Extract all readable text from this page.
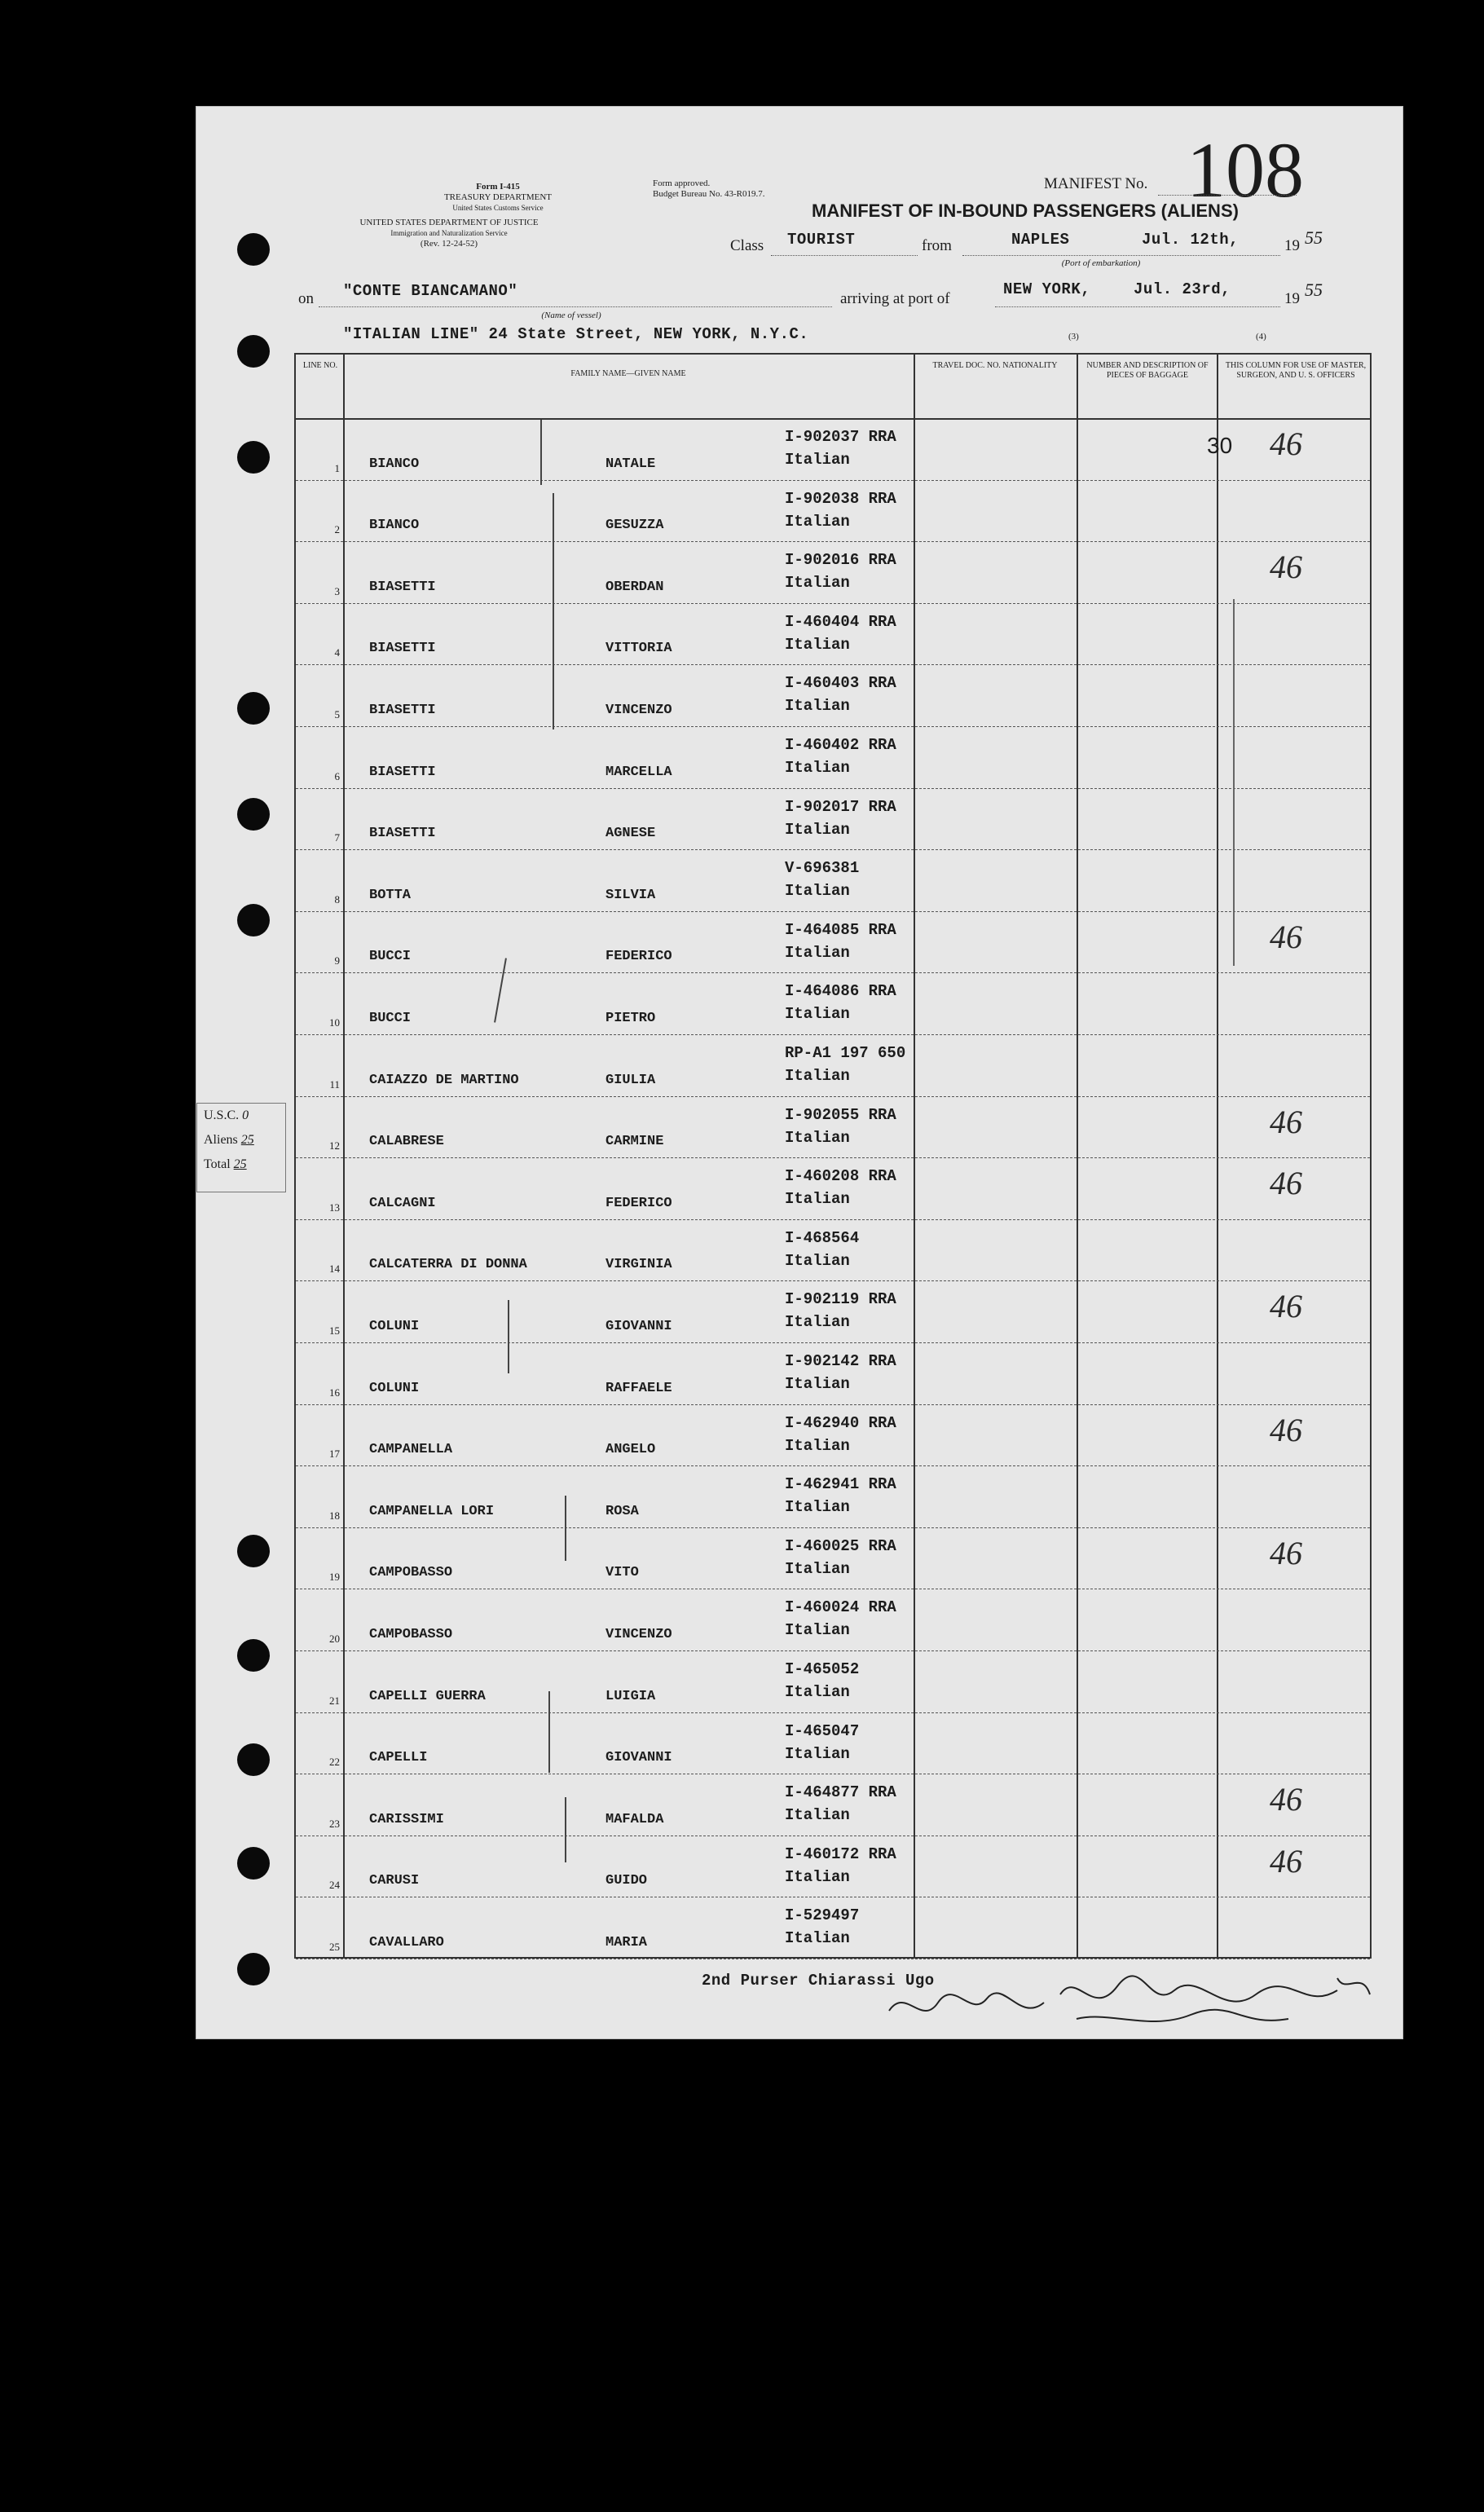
Form I-415
TREASURY DEPARTMENT
United States Customs Service
UNITED STATES DEPARTMENT OF JUSTICE
Immigration and Naturalization Service
(Rev. 12-24-52)
Form approved.
Budget Bureau No. 43-R019.7.
MANIFEST No. 108
MANIFEST OF IN-BOUND PASSENGERS (ALIENS)
Class TOURIST	from	NAPLES	Jul. 12th,	19 55
(Port of embarkation)
on "CONTE BIANCAMANO"
(Name of vessel)
arriving at port of
NEW YORK,	Jul. 23rd,
19 55
"ITALIAN LINE" 24 State Street, NEW YORK, N.Y.C.	(3)	(4)
LINE NO.
FAMILY NAME—GIVEN NAME
TRAVEL DOC. NO. NATIONALITY	NUMBER AND DESCRIPTION OF PIECES OF BAGGAGE
THIS COLUMN FOR USE OF MASTER, SURGEON, AND U. S. OFFICERS
1 BIANCO	NATALE
I-902037 RRA
Italian	46
30
2 BIANCO	GESUZZA
I-902038 RRA
Italian
3 BIASETTI	OBERDAN
I-902016 RRA
Italian	46
4 BIASETTI	VITTORIA
I-460404 RRA
Italian
5 BIASETTI	VINCENZO
I-460403 RRA
Italian
6 BIASETTI	MARCELLA
I-460402 RRA
Italian
7 BIASETTI	AGNESE
I-902017 RRA
Italian
8 BOTTA	SILVIA
V-696381
Italian
9 BUCCI	FEDERICO
I-464085 RRA
Italian	46
10 BUCCI	PIETRO
I-464086 RRA
Italian
11 CAIAZZO DE MARTINO	GIULIA
RP-A1 197 650
Italian
12 CALABRESE	CARMINE
I-902055 RRA
Italian	46
13 CALCAGNI	FEDERICO
I-460208 RRA
Italian	46
14 CALCATERRA DI DONNA	VIRGINIA
I-468564
Italian
15 COLUNI	GIOVANNI
I-902119 RRA
Italian	46
16 COLUNI	RAFFAELE
I-902142 RRA
Italian
17 CAMPANELLA	ANGELO
I-462940 RRA
Italian	46
18 CAMPANELLA LORI	ROSA
I-462941 RRA
Italian
19 CAMPOBASSO	VITO
I-460025 RRA
Italian	46
20 CAMPOBASSO	VINCENZO
I-460024 RRA
Italian
21 CAPELLI GUERRA	LUIGIA
I-465052
Italian
22 CAPELLI	GIOVANNI
I-465047
Italian
23 CARISSIMI	MAFALDA
I-464877 RRA
Italian	46
24 CARUSI	GUIDO
I-460172 RRA
Italian	46
25 CAVALLARO	MARIA
I-529497
Italian
U.S.C. 0
Aliens 25
Total 25
2nd Purser Chiarassi Ugo
